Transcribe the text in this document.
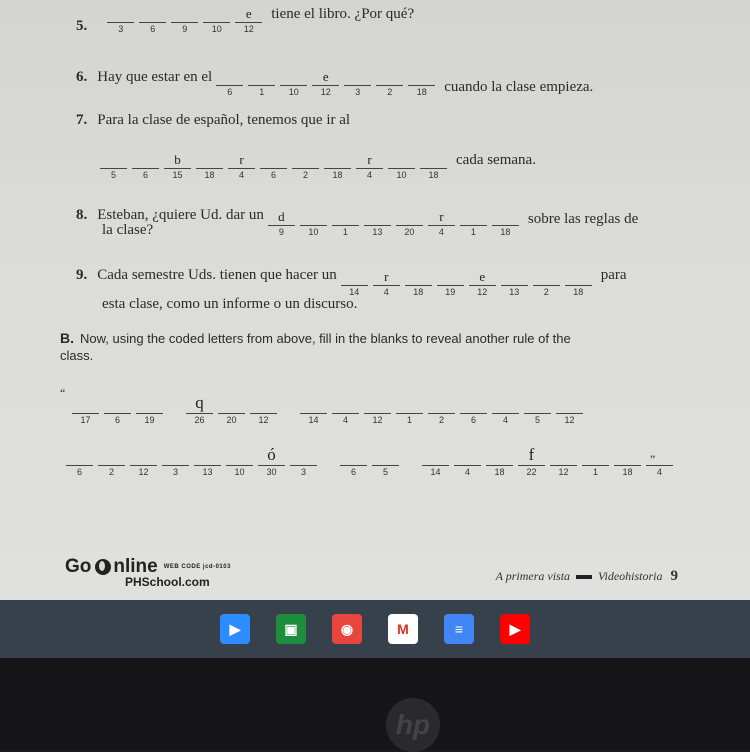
5.	3	6	9	10
e
12
tiene el libro. ¿Por qué?
6. Hay que estar en el
6	1	10
e
12	3	2	18	cuando la clase empieza.
7. Para la clase de español, tenemos que ir al
5	6
b
15	18
r
4	6	2	18
r
4	10	18
cada semana.
8. Esteban, ¿quiere Ud. dar un	d
9	10	1	13	20
r
4	1	18
sobre las reglas de
la clase?
9. Cada semestre Uds. tienen que hacer un
14
r
4	18	19
e
12	13	2	18
para
esta clase, como un informe o un discurso.
B. Now, using the coded letters from above, fill in the blanks to reveal another rule of the
class.
“
17	6	19
q
26	20	12	14	4	12	1	2	6	4	5	12
6	2	12	3	13	10
ó
30	3	6	5	14	4	18
f
22	12	1	18	4
”
Go nline WEB CODE jcd-0103
PHSchool.com	A primera vista Videohistoria 9
▶	▣	◉	M	≡	▶
hp
